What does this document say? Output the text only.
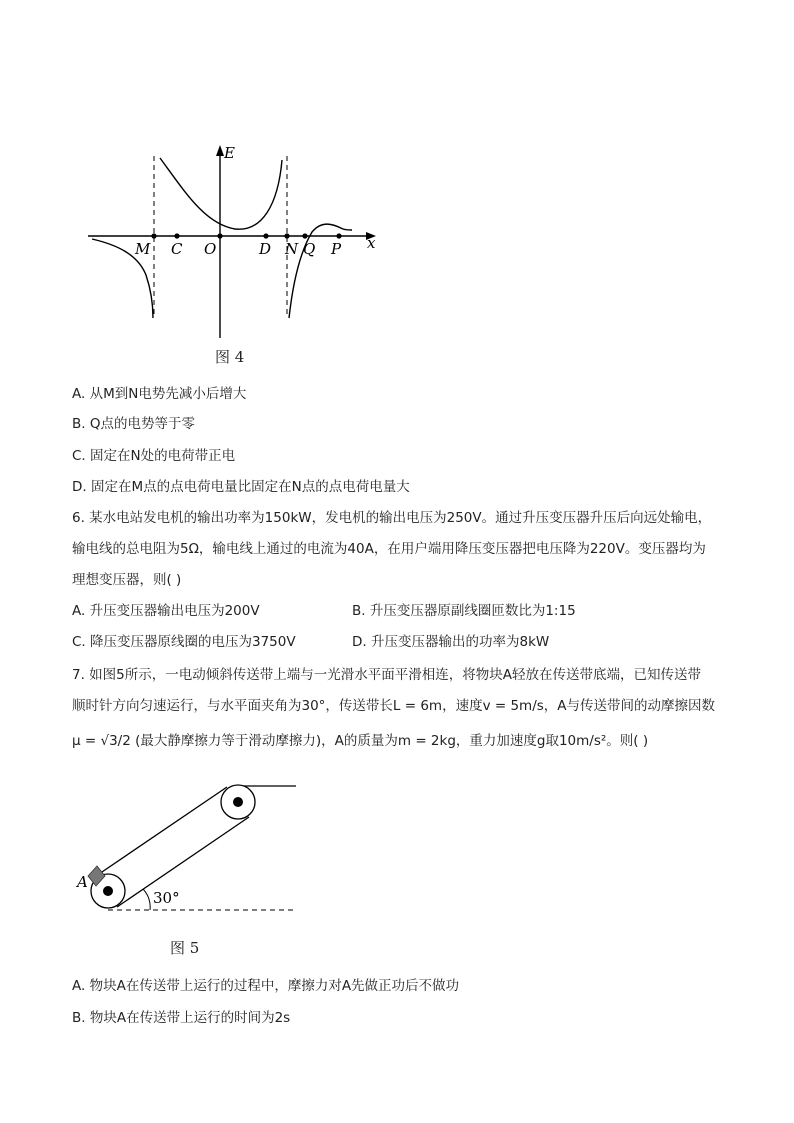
E
x
M C O	D N Q P
图 4
A. 从M到N电势先减小后增大
B. Q点的电势等于零
C. 固定在N处的电荷带正电
D. 固定在M点的点电荷电量比固定在N点的点电荷电量大
6. 某水电站发电机的输出功率为150kW，发电机的输出电压为250V。通过升压变压器升压后向远处输电，
输电线的总电阻为5Ω，输电线上通过的电流为40A，在用户端用降压变压器把电压降为220V。变压器均为
理想变压器，则( )
A. 升压变压器输出电压为200V	B. 升压变压器原副线圈匝数比为1:15
C. 降压变压器原线圈的电压为3750V	D. 升压变压器输出的功率为8kW
7. 如图5所示，一电动倾斜传送带上端与一光滑水平面平滑相连，将物块A轻放在传送带底端，已知传送带
顺时针方向匀速运行，与水平面夹角为30°，传送带长L = 6m，速度v = 5m/s，A与传送带间的动摩擦因数
μ = √3/2 (最大静摩擦力等于滑动摩擦力)，A的质量为m = 2kg，重力加速度g取10m/s²。则( )
A
30°
图 5
A. 物块A在传送带上运行的过程中，摩擦力对A先做正功后不做功
B. 物块A在传送带上运行的时间为2s
